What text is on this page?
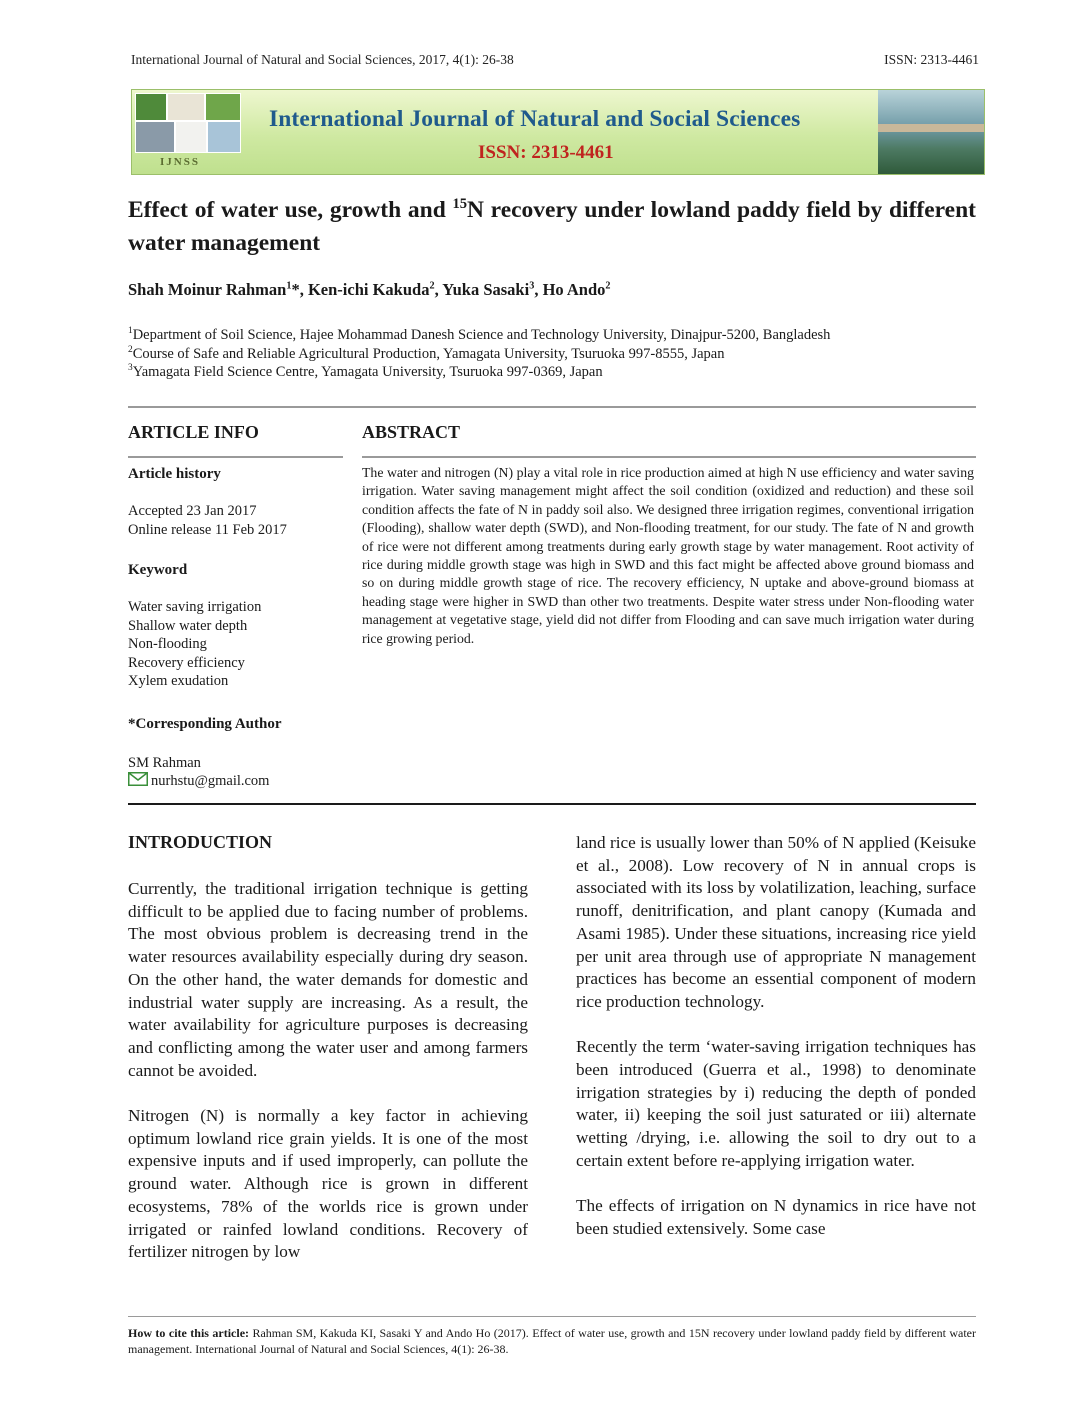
International Journal of Natural and Social Sciences, 2017, 4(1): 26-38	ISSN: 2313-4461
IJNSS
International Journal of Natural and Social Sciences
ISSN: 2313-4461
Effect of water use, growth and $^{15}$N recovery under lowland paddy field by different water management
Shah Moinur Rahman$^1$*, Ken-ichi Kakuda$^2$, Yuka Sasaki$^3$, Ho Ando$^2$
$^1$Department of Soil Science, Hajee Mohammad Danesh Science and Technology University, Dinajpur-5200, Bangladesh
$^2$Course of Safe and Reliable Agricultural Production, Yamagata University, Tsuruoka 997-8555, Japan
$^3$Yamagata Field Science Centre, Yamagata University, Tsuruoka 997-0369, Japan
ARTICLE INFO
Article history
Accepted 23 Jan 2017
Online release 11 Feb 2017
Keyword
Water saving irrigation
Shallow water depth
Non-flooding
Recovery efficiency
Xylem exudation
*Corresponding Author
SM Rahman
nurhstu@gmail.com
ABSTRACT
The water and nitrogen (N) play a vital role in rice production aimed at high N use efficiency and water saving irrigation. Water saving management might affect the soil condition (oxidized and reduction) and these soil condition affects the fate of N in paddy soil also. We designed three irrigation regimes, conventional irrigation (Flooding), shallow water depth (SWD), and Non-flooding treatment, for our study. The fate of N and growth of rice were not different among treatments during early growth stage by water management. Root activity of rice during middle growth stage was high in SWD and this fact might be affected above ground biomass and so on during middle growth stage of rice. The recovery efficiency, N uptake and above-ground biomass at heading stage were higher in SWD than other two treatments. Despite water stress under Non-flooding water management at vegetative stage, yield did not differ from Flooding and can save much irrigation water during rice growing period.
INTRODUCTION

Currently, the traditional irrigation technique is getting difficult to be applied due to facing number of problems. The most obvious problem is decreasing trend in the water resources availability especially during dry season. On the other hand, the water demands for domestic and industrial water supply are increasing. As a result, the water availability for agriculture purposes is decreasing and conflicting among the water user and among farmers cannot be avoided.

Nitrogen (N) is normally a key factor in achieving optimum lowland rice grain yields. It is one of the most expensive inputs and if used improperly, can pollute the ground water. Although rice is grown in different ecosystems, 78% of the worlds rice is grown under irrigated or rainfed lowland conditions. Recovery of fertilizer nitrogen by low

land rice is usually lower than 50% of N applied (Keisuke et al., 2008). Low recovery of N in annual crops is associated with its loss by volatilization, leaching, surface runoff, denitrification, and plant canopy (Kumada and Asami 1985). Under these situations, increasing rice yield per unit area through use of appropriate N management practices has become an essential component of modern rice production technology.

Recently the term ‘water-saving irrigation techniques has been introduced (Guerra et al., 1998) to denominate irrigation strategies by i) reducing the depth of ponded water, ii) keeping the soil just saturated or iii) alternate wetting /drying, i.e. allowing the soil to dry out to a certain extent before re-applying irrigation water.

The effects of irrigation on N dynamics in rice have not been studied extensively. Some case

How to cite this article: Rahman SM, Kakuda KI, Sasaki Y and Ando Ho (2017). Effect of water use, growth and 15N recovery under lowland paddy field by different water management. International Journal of Natural and Social Sciences, 4(1): 26-38.
